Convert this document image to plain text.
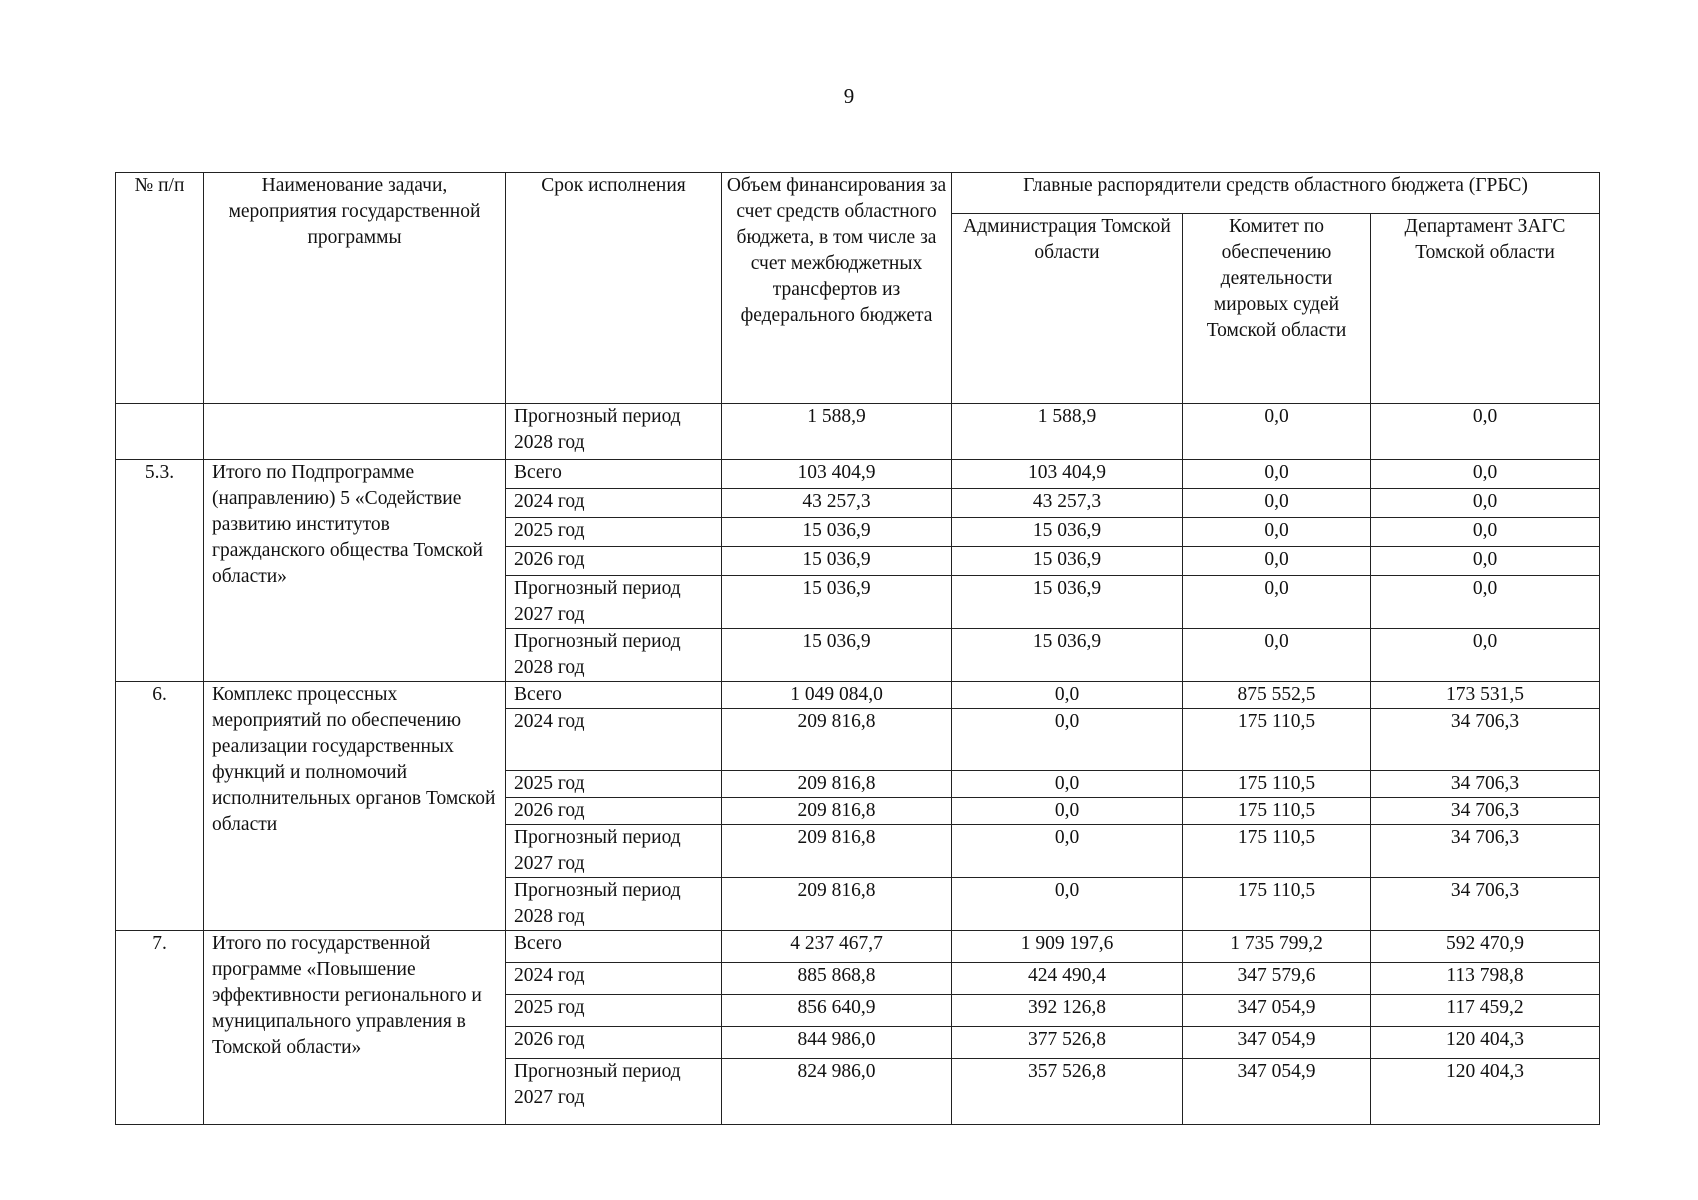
9
№ п/п	Наименование задачи, мероприятия государственной программы	Срок исполнения	Объем финансирования за счет средств областного бюджета, в том числе за счет межбюджетных трансфертов из федерального бюджета	Главные распорядители средств областного бюджета (ГРБС)		
				Администрация Томской области	Комитет по обеспечению деятельности мировых судей Томской области	Департамент ЗАГС Томской области
		Прогнозный период 2028 год	1 588,9	1 588,9	0,0	0,0
5.3.	Итого по Подпрограмме (направлению) 5 «Содействие развитию институтов гражданского общества Томской области»	Всего	103 404,9	103 404,9	0,0	0,0
		2024 год	43 257,3	43 257,3	0,0	0,0
		2025 год	15 036,9	15 036,9	0,0	0,0
		2026 год	15 036,9	15 036,9	0,0	0,0
		Прогнозный период 2027 год	15 036,9	15 036,9	0,0	0,0
		Прогнозный период 2028 год	15 036,9	15 036,9	0,0	0,0
6.	Комплекс процессных мероприятий по обеспечению реализации государственных функций и полномочий исполнительных органов Томской области	Всего	1 049 084,0	0,0	875 552,5	173 531,5
		2024 год	209 816,8	0,0	175 110,5	34 706,3
		2025 год	209 816,8	0,0	175 110,5	34 706,3
		2026 год	209 816,8	0,0	175 110,5	34 706,3
		Прогнозный период 2027 год	209 816,8	0,0	175 110,5	34 706,3
		Прогнозный период 2028 год	209 816,8	0,0	175 110,5	34 706,3
7.	Итого по государственной программе «Повышение эффективности регионального и муниципального управления в Томской области»	Всего	4 237 467,7	1 909 197,6	1 735 799,2	592 470,9
		2024 год	885 868,8	424 490,4	347 579,6	113 798,8
		2025 год	856 640,9	392 126,8	347 054,9	117 459,2
		2026 год	844 986,0	377 526,8	347 054,9	120 404,3
		Прогнозный период 2027 год	824 986,0	357 526,8	347 054,9	120 404,3
